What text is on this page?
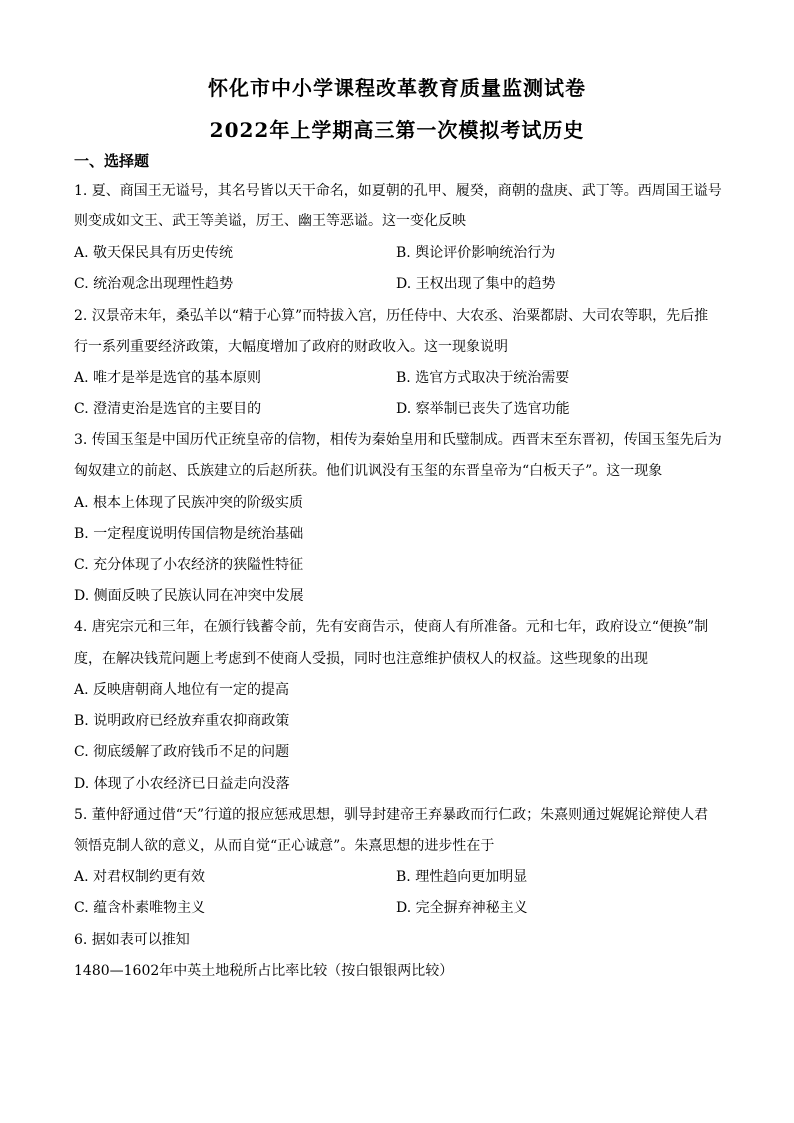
怀化市中小学课程改革教育质量监测试卷
2022年上学期高三第一次模拟考试历史
一、选择题
1. 夏、商国王无谥号，其名号皆以天干命名，如夏朝的孔甲、履癸，商朝的盘庚、武丁等。西周国王谥号
则变成如文王、武王等美谥，厉王、幽王等恶谥。这一变化反映
A. 敬天保民具有历史传统	B. 舆论评价影响统治行为
C. 统治观念出现理性趋势	D. 王权出现了集中的趋势
2. 汉景帝末年，桑弘羊以“精于心算”而特拔入宫，历任侍中、大农丞、治粟都尉、大司农等职，先后推
行一系列重要经济政策，大幅度增加了政府的财政收入。这一现象说明
A. 唯才是举是选官的基本原则	B. 选官方式取决于统治需要
C. 澄清吏治是选官的主要目的	D. 察举制已丧失了选官功能
3. 传国玉玺是中国历代正统皇帝的信物，相传为秦始皇用和氏璧制成。西晋末至东晋初，传国玉玺先后为
匈奴建立的前赵、氐族建立的后赵所获。他们讥讽没有玉玺的东晋皇帝为“白板天子”。这一现象
A. 根本上体现了民族冲突的阶级实质
B. 一定程度说明传国信物是统治基础
C. 充分体现了小农经济的狭隘性特征
D. 侧面反映了民族认同在冲突中发展
4. 唐宪宗元和三年，在颁行钱蓄令前，先有安商告示，使商人有所准备。元和七年，政府设立“便换”制
度，在解决钱荒问题上考虑到不使商人受损，同时也注意维护债权人的权益。这些现象的出现
A. 反映唐朝商人地位有一定的提高
B. 说明政府已经放弃重农抑商政策
C. 彻底缓解了政府钱币不足的问题
D. 体现了小农经济已日益走向没落
5. 董仲舒通过借“天”行道的报应惩戒思想，驯导封建帝王弃暴政而行仁政；朱熹则通过娓娓论辩使人君
领悟克制人欲的意义，从而自觉“正心诚意”。朱熹思想的进步性在于
A. 对君权制约更有效	B. 理性趋向更加明显
C. 蕴含朴素唯物主义	D. 完全摒弃神秘主义
6. 据如表可以推知
1480—1602年中英土地税所占比率比较（按白银银两比较）
